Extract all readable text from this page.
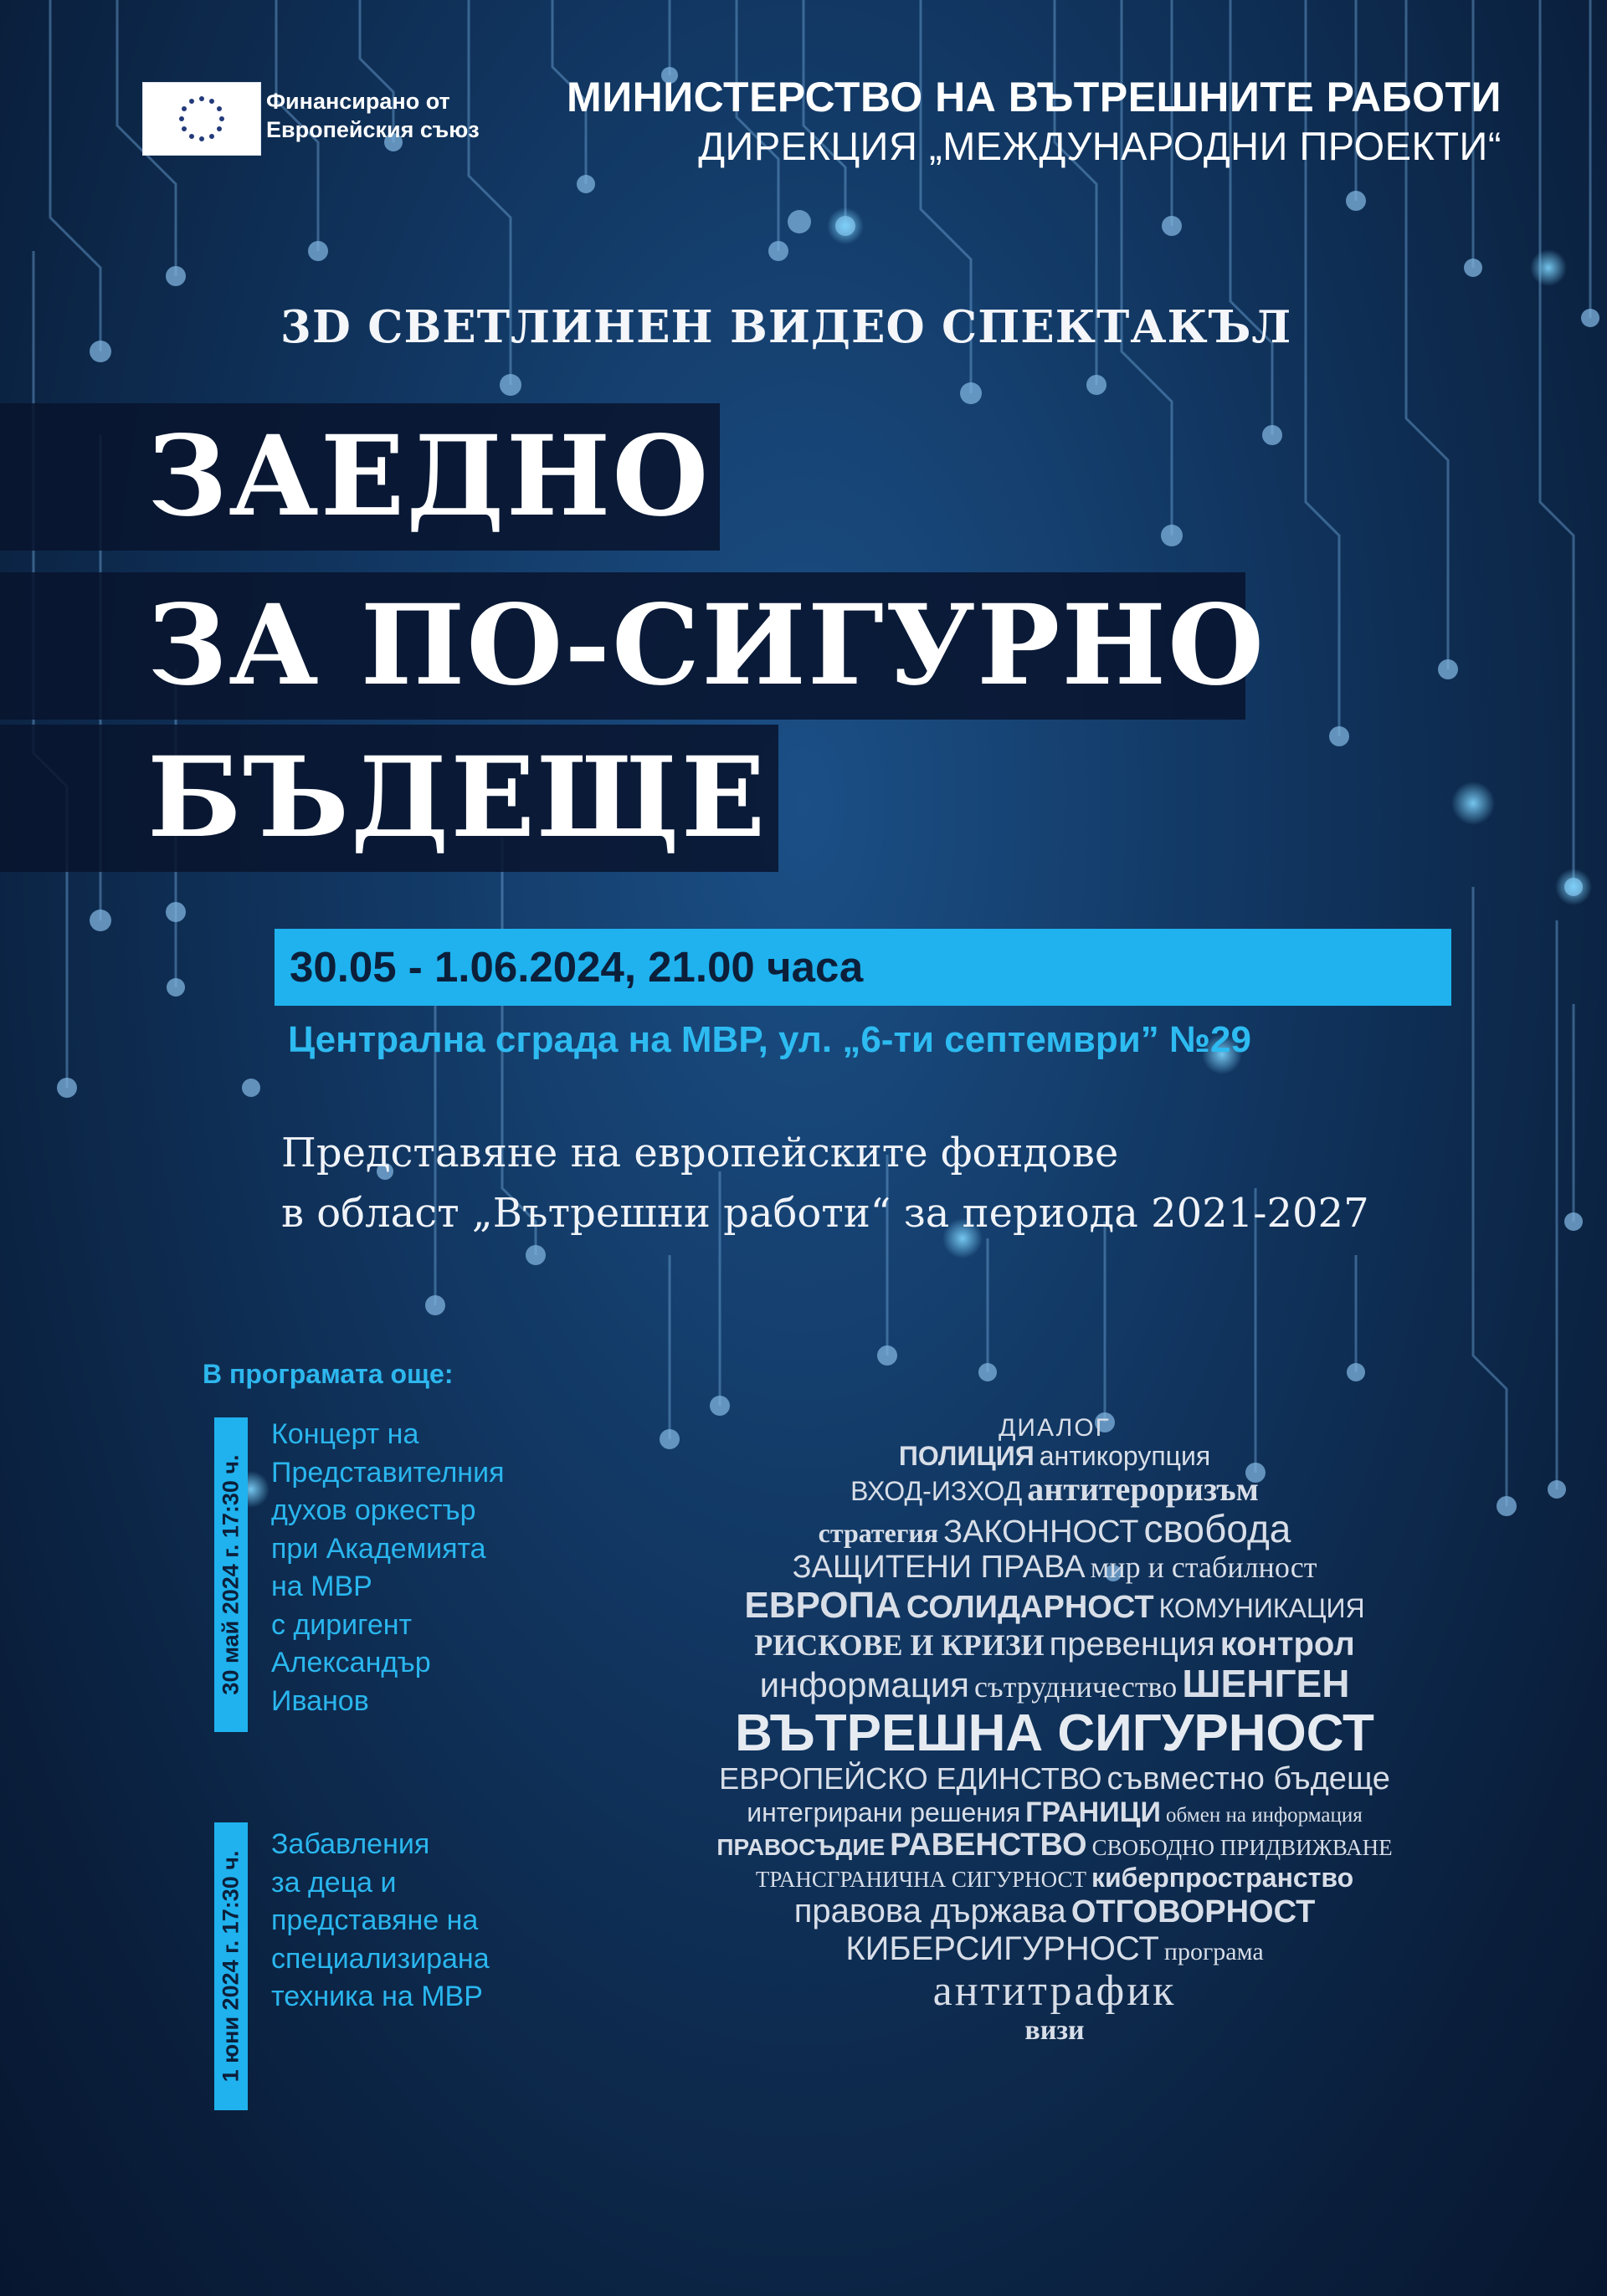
Финансирано от
Европейския съюз
МИНИСТЕРСТВО НА ВЪТРЕШНИТЕ РАБОТИ
ДИРЕКЦИЯ „МЕЖДУНАРОДНИ ПРОЕКТИ“
3D СВЕТЛИНЕН ВИДЕО СПЕКТАКЪЛ
ЗАЕДНО
ЗА ПО-СИГУРНО
БЪДЕЩЕ
30.05 - 1.06.2024, 21.00 часа
Централна сграда на МВР, ул. „6-ти септември” №29
Представяне на европейските фондове
в област „Вътрешни работи“ за периода 2021-2027
В програмата още:
30 май 2024 г. 17:30 ч.
Концерт на
Представителния
духов оркестър
при Академията
на МВР
с диригент
Александър
Иванов
1 юни 2024 г. 17:30 ч.
Забавления
за деца и
представяне на
специализирана
техника на МВР
ДИАЛОГ
ПОЛИЦИЯ антикорупция
ВХОД-ИЗХОД антитероризъм
стратегия ЗАКОННОСТ свобода
ЗАЩИТЕНИ ПРАВА мир и стабилност
ЕВРОПА СОЛИДАРНОСТ КОМУНИКАЦИЯ
РИСКОВЕ И КРИЗИ превенция контрол
информация сътрудничество ШЕНГЕН
ВЪТРЕШНА СИГУРНОСТ
ЕВРОПЕЙСКО ЕДИНСТВО съвместно бъдеще
интегрирани решения ГРАНИЦИ обмен на информация
ПРАВОСЪДИЕ РАВЕНСТВО СВОБОДНО ПРИДВИЖВАНЕ
ТРАНСГРАНИЧНА СИГУРНОСТ киберпространство
правова държава ОТГОВОРНОСТ
КИБЕРСИГУРНОСТ програма
антитрафик
визи
